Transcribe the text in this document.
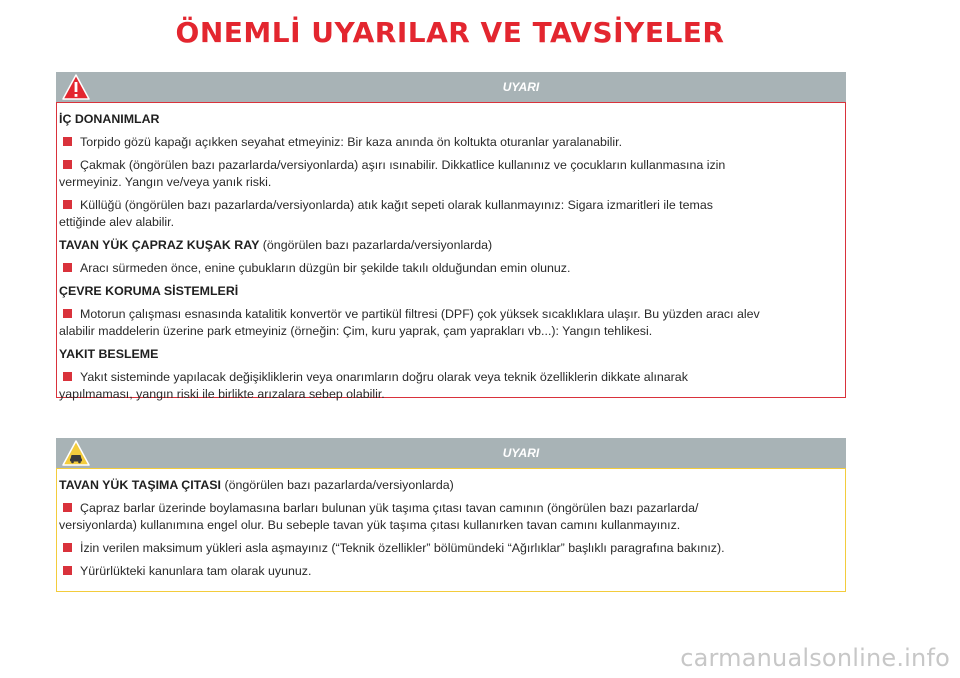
ÖNEMLİ UYARILAR VE TAVSİYELER
UYARI

İÇ DONANIMLAR

Torpido gözü kapağı açıkken seyahat etmeyiniz: Bir kaza anında ön koltukta oturanlar yaralanabilir.

Çakmak (öngörülen bazı pazarlarda/versiyonlarda) aşırı ısınabilir. Dikkatlice kullanınız ve çocukların kullanmasına izin
vermeyiniz. Yangın ve/veya yanık riski.

Küllüğü (öngörülen bazı pazarlarda/versiyonlarda) atık kağıt sepeti olarak kullanmayınız: Sigara izmaritleri ile temas
ettiğinde alev alabilir.

TAVAN YÜK ÇAPRAZ KUŞAK RAY (öngörülen bazı pazarlarda/versiyonlarda)

Aracı sürmeden önce, enine çubukların düzgün bir şekilde takılı olduğundan emin olunuz.

ÇEVRE KORUMA SİSTEMLERİ

Motorun çalışması esnasında katalitik konvertör ve partikül filtresi (DPF) çok yüksek sıcaklıklara ulaşır. Bu yüzden aracı alev
alabilir maddelerin üzerine park etmeyiniz (örneğin: Çim, kuru yaprak, çam yaprakları vb...): Yangın tehlikesi.

YAKIT BESLEME

Yakıt sisteminde yapılacak değişikliklerin veya onarımların doğru olarak veya teknik özelliklerin dikkate alınarak
yapılmaması, yangın riski ile birlikte arızalara sebep olabilir.

UYARI

TAVAN YÜK TAŞIMA ÇITASI (öngörülen bazı pazarlarda/versiyonlarda)

Çapraz barlar üzerinde boylamasına barları bulunan yük taşıma çıtası tavan camının (öngörülen bazı pazarlarda/
versiyonlarda) kullanımına engel olur. Bu sebeple tavan yük taşıma çıtası kullanırken tavan camını kullanmayınız.

İzin verilen maksimum yükleri asla aşmayınız (“Teknik özellikler” bölümündeki “Ağırlıklar” başlıklı paragrafına bakınız).

Yürürlükteki kanunlara tam olarak uyunuz.

carmanualsonline.info
